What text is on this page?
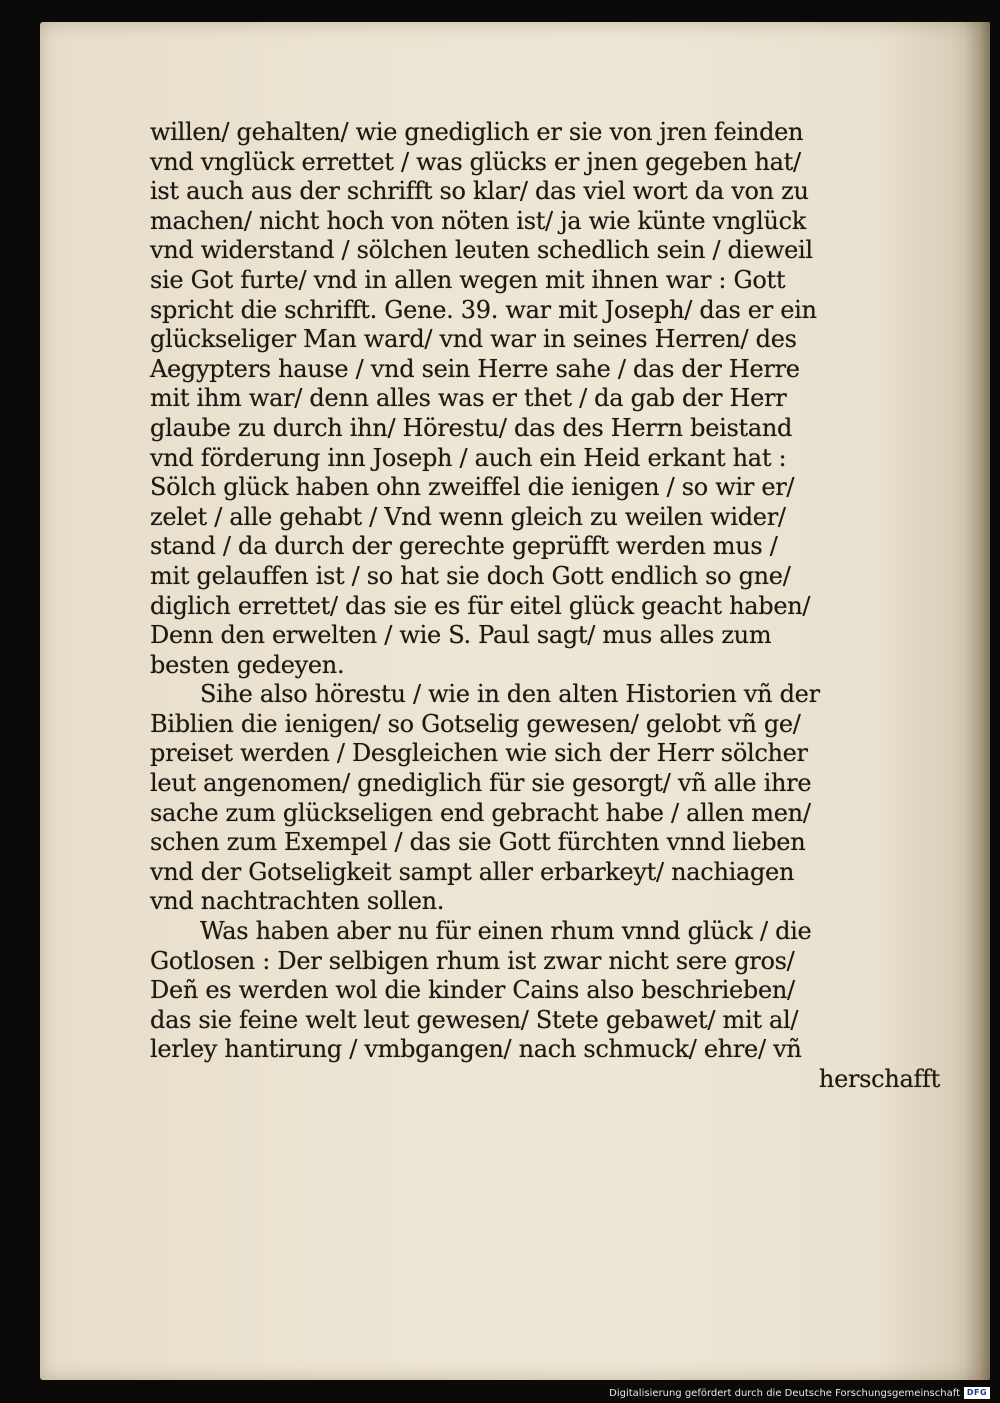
willen/ gehalten/ wie gnediglich er sie von jren feinden
vnd vnglück errettet / was glücks er jnen gegeben hat/
ist auch aus der schrifft so klar/ das viel wort da von zu
machen/ nicht hoch von nöten ist/ ja wie künte vnglück
vnd widerstand / sölchen leuten schedlich sein / dieweil
sie Got furte/ vnd in allen wegen mit ihnen war : Gott
spricht die schrifft. Gene. 39. war mit Joseph/ das er ein
glückseliger Man ward/ vnd war in seines Herren/ des
Aegypters hause / vnd sein Herre sahe / das der Herre
mit ihm war/ denn alles was er thet / da gab der Herr
glaube zu durch ihn/ Hörestu/ das des Herrn beistand
vnd förderung inn Joseph / auch ein Heid erkant hat :
Sölch glück haben ohn zweiffel die ienigen / so wir er/
zelet / alle gehabt / Vnd wenn gleich zu weilen wider/
stand / da durch der gerechte geprüfft werden mus /
mit gelauffen ist / so hat sie doch Gott endlich so gne/
diglich errettet/ das sie es für eitel glück geacht haben/
Denn den erwelten / wie S. Paul sagt/ mus alles zum
besten gedeyen.
Sihe also hörestu / wie in den alten Historien vñ der
Biblien die ienigen/ so Gotselig gewesen/ gelobt vñ ge/
preiset werden / Desgleichen wie sich der Herr sölcher
leut angenomen/ gnediglich für sie gesorgt/ vñ alle ihre
sache zum glückseligen end gebracht habe / allen men/
schen zum Exempel / das sie Gott fürchten vnnd lieben
vnd der Gotseligkeit sampt aller erbarkeyt/ nachiagen
vnd nachtrachten sollen.
Was haben aber nu für einen rhum vnnd glück / die
Gotlosen : Der selbigen rhum ist zwar nicht sere gros/
Deñ es werden wol die kinder Cains also beschrieben/
das sie feine welt leut gewesen/ Stete gebawet/ mit al/
lerley hantirung / vmbgangen/ nach schmuck/ ehre/ vñ
herschafft
Digitalisierung gefördert durch die Deutsche Forschungsgemeinschaft DFG
